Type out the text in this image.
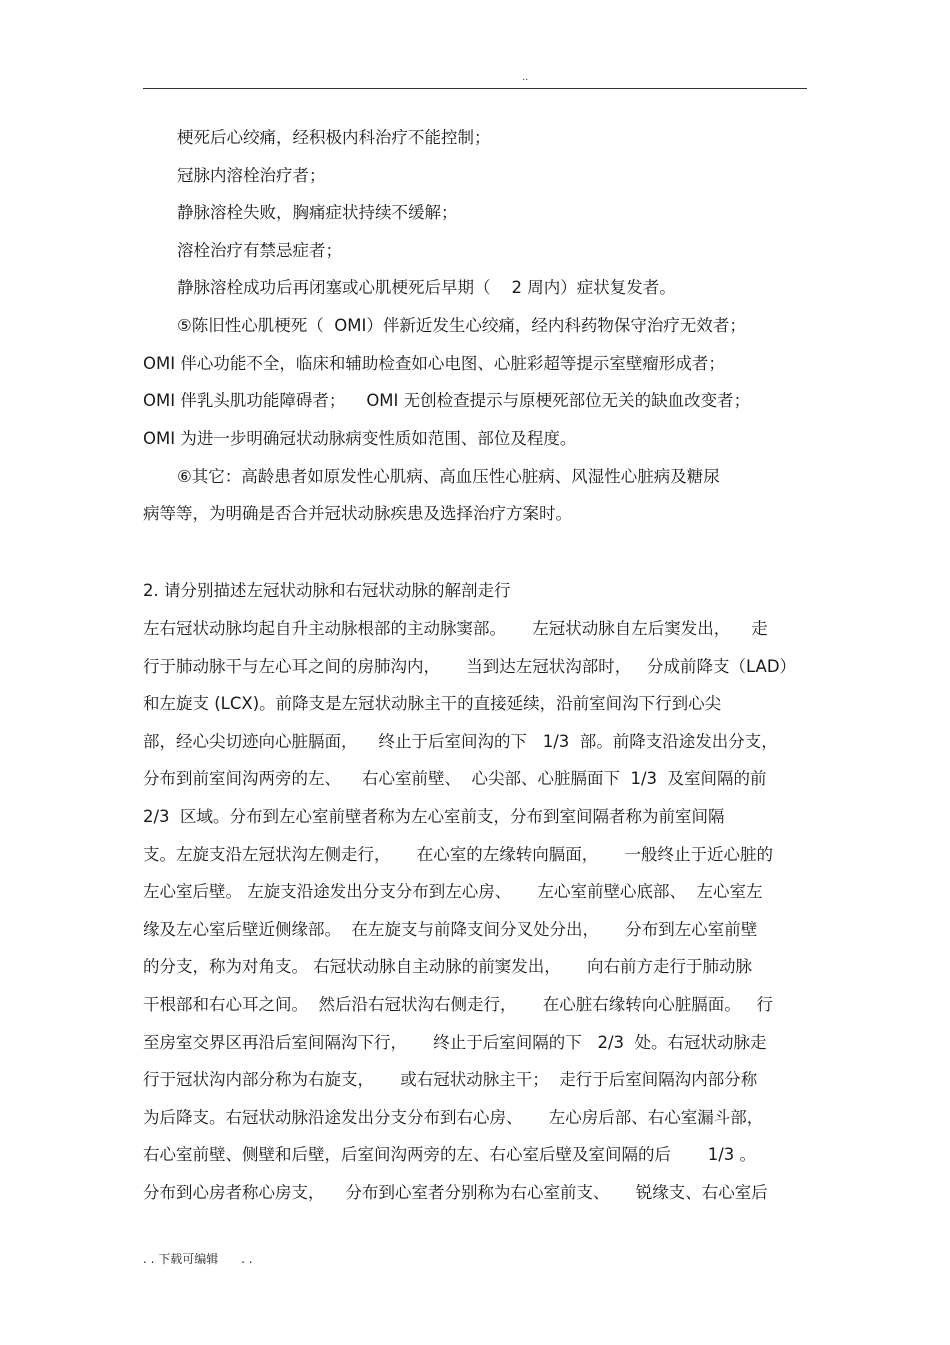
..
梗死后心绞痛，经积极内科治疗不能控制；
冠脉内溶栓治疗者；
静脉溶栓失败，胸痛症状持续不缓解；
溶栓治疗有禁忌症者；
静脉溶栓成功后再闭塞或心肌梗死后早期（    2 周内）症状复发者。
⑤陈旧性心肌梗死（  OMI）伴新近发生心绞痛，经内科药物保守治疗无效者；
OMI 伴心功能不全，临床和辅助检查如心电图、心脏彩超等提示室壁瘤形成者；
OMI 伴乳头肌功能障碍者；    OMI 无创检查提示与原梗死部位无关的缺血改变者；
OMI 为进一步明确冠状动脉病变性质如范围、部位及程度。
⑥其它：高龄患者如原发性心肌病、高血压性心脏病、风湿性心脏病及糖尿
病等等，为明确是否合并冠状动脉疾患及选择治疗方案时。
2. 请分别描述左冠状动脉和右冠状动脉的解剖走行
左右冠状动脉均起自升主动脉根部的主动脉窦部。     左冠状动脉自左后窦发出，    走
行于肺动脉干与左心耳之间的房肺沟内，     当到达左冠状沟部时，   分成前降支（LAD）
和左旋支 (LCX)。前降支是左冠状动脉主干的直接延续，沿前室间沟下行到心尖
部，经心尖切迹向心脏膈面，    终止于后室间沟的下   1/3  部。前降支沿途发出分支，
分布到前室间沟两旁的左、    右心室前壁、  心尖部、心脏膈面下  1/3  及室间隔的前
2/3  区域。分布到左心室前壁者称为左心室前支，分布到室间隔者称为前室间隔
支。左旋支沿左冠状沟左侧走行，     在心室的左缘转向膈面，     一般终止于近心脏的
左心室后壁。 左旋支沿途发出分支分布到左心房、     左心室前壁心底部、  左心室左
缘及左心室后壁近侧缘部。  在左旋支与前降支间分叉处分出，     分布到左心室前壁
的分支，称为对角支。 右冠状动脉自主动脉的前窦发出，     向右前方走行于肺动脉
干根部和右心耳之间。  然后沿右冠状沟右侧走行，     在心脏右缘转向心脏膈面。   行
至房室交界区再沿后室间隔沟下行，     终止于后室间隔的下   2/3  处。右冠状动脉走
行于冠状沟内部分称为右旋支，     或右冠状动脉主干；  走行于后室间隔沟内部分称
为后降支。右冠状动脉沿途发出分支分布到右心房、     左心房后部、右心室漏斗部，
右心室前壁、侧壁和后壁，后室间沟两旁的左、右心室后壁及室间隔的后       1/3 。
分布到心房者称心房支，    分布到心室者分别称为右心室前支、     锐缘支、右心室后
. . 下载可编辑      . .
